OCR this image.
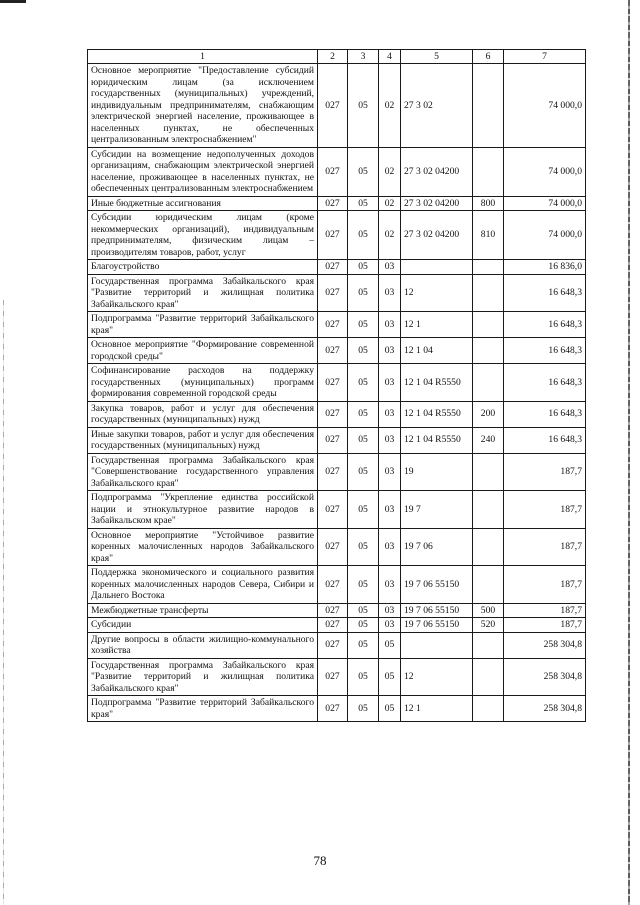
1	2	3	4	5	6	7
Основное мероприятие "Предоставление субсидий юридическим лицам (за исключением государственных (муниципальных) учреждений, индивидуальным предпринимателям, снабжающим электрической энергией население, проживающее в населенных пунктах, не обеспеченных централизованным электроснабжением"	027	05	02	27 3 02		74 000,0
Субсидии на возмещение недополученных доходов организациям, снабжающим электрической энергией население, проживающее в населенных пунктах, не обеспеченных централизованным электроснабжением	027	05	02	27 3 02 04200		74 000,0
Иные бюджетные ассигнования	027	05	02	27 3 02 04200	800	74 000,0
Субсидии юридическим лицам (кроме некоммерческих организаций), индивидуальным предпринимателям, физическим лицам – производителям товаров, работ, услуг	027	05	02	27 3 02 04200	810	74 000,0
Благоустройство	027	05	03			16 836,0
Государственная программа Забайкальского края "Развитие территорий и жилищная политика Забайкальского края"	027	05	03	12		16 648,3
Подпрограмма "Развитие территорий Забайкальского края"	027	05	03	12 1		16 648,3
Основное мероприятие "Формирование современной городской среды"	027	05	03	12 1 04		16 648,3
Софинансирование расходов на поддержку государственных (муниципальных) программ формирования современной городской среды	027	05	03	12 1 04 R5550		16 648,3
Закупка товаров, работ и услуг для обеспечения государственных (муниципальных) нужд	027	05	03	12 1 04 R5550	200	16 648,3
Иные закупки товаров, работ и услуг для обеспечения государственных (муниципальных) нужд	027	05	03	12 1 04 R5550	240	16 648,3
Государственная программа Забайкальского края "Совершенствование государственного управления Забайкальского края"	027	05	03	19		187,7
Подпрограмма "Укрепление единства российской нации и этнокультурное развитие народов в Забайкальском крае"	027	05	03	19 7		187,7
Основное мероприятие "Устойчивое развитие коренных малочисленных народов Забайкальского края"	027	05	03	19 7 06		187,7
Поддержка экономического и социального развития коренных малочисленных народов Севера, Сибири и Дальнего Востока	027	05	03	19 7 06 55150		187,7
Межбюджетные трансферты	027	05	03	19 7 06 55150	500	187,7
Субсидии	027	05	03	19 7 06 55150	520	187,7
Другие вопросы в области жилищно-коммунального хозяйства	027	05	05			258 304,8
Государственная программа Забайкальского края "Развитие территорий и жилищная политика Забайкальского края"	027	05	05	12		258 304,8
Подпрограмма "Развитие территорий Забайкальского края"	027	05	05	12 1		258 304,8
78
